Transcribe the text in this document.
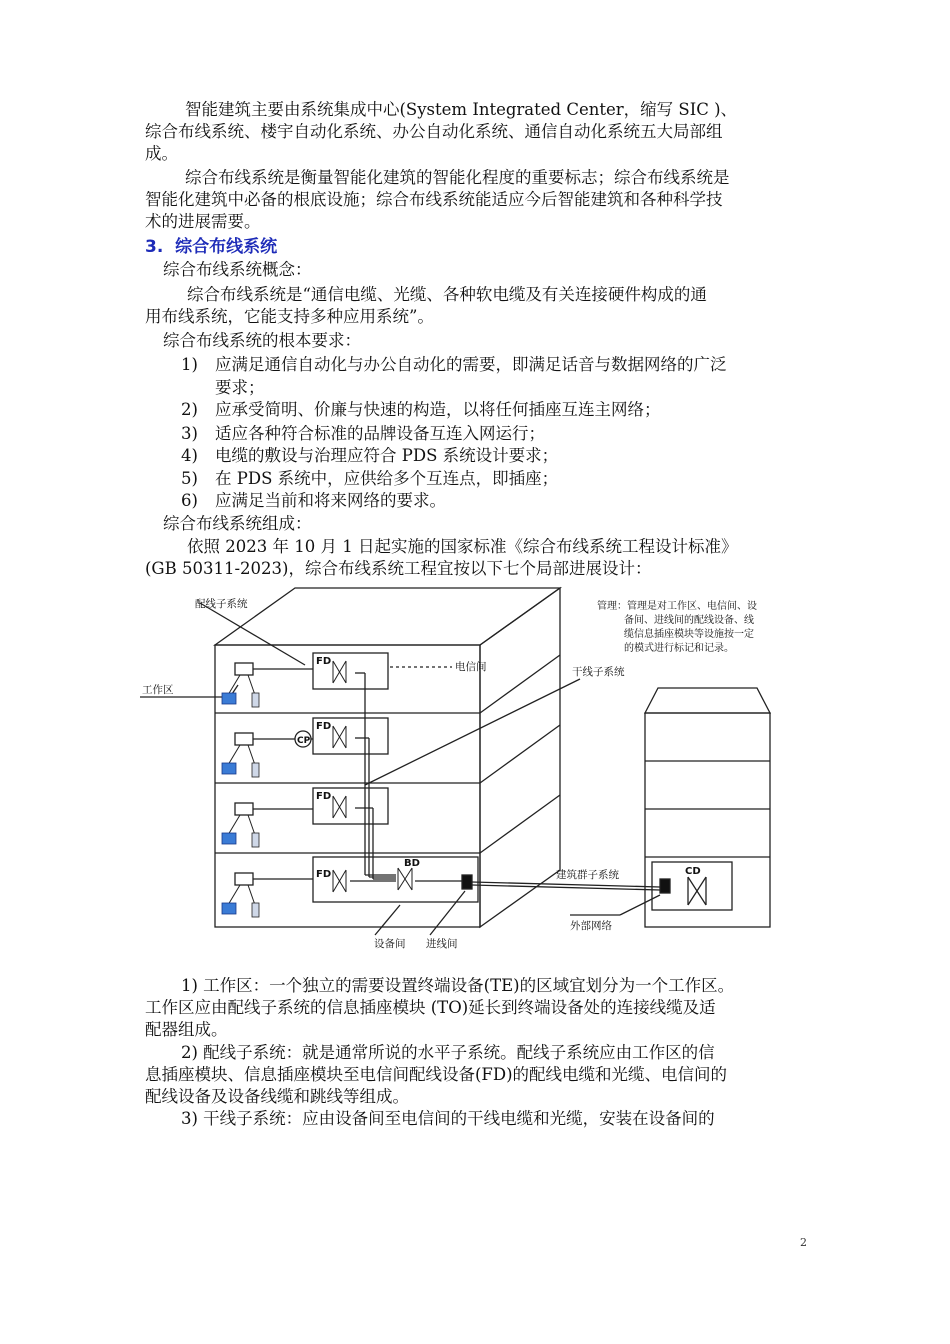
智能建筑主要由系统集成中心(System Integrated Center，缩写 SIC )、
综合布线系统、楼宇自动化系统、办公自动化系统、通信自动化系统五大局部组
成。
综合布线系统是衡量智能化建筑的智能化程度的重要标志；综合布线系统是
智能化建筑中必备的根底设施；综合布线系统能适应今后智能建筑和各种科学技
术的进展需要。
3. 综合布线系统
综合布线系统概念：
综合布线系统是“通信电缆、光缆、各种软电缆及有关连接硬件构成的通
用布线系统，它能支持多种应用系统”。
综合布线系统的根本要求：
1) 应满足通信自动化与办公自动化的需要，即满足话音与数据网络的广泛
要求；
2) 应承受简明、价廉与快速的构造，以将任何插座互连主网络；
3) 适应各种符合标准的品牌设备互连入网运行；
4) 电缆的敷设与治理应符合 PDS 系统设计要求；
5) 在 PDS 系统中，应供给多个互连点，即插座；
6) 应满足当前和将来网络的要求。
综合布线系统组成：
依照 2023 年 10 月 1 日起实施的国家标准《综合布线系统工程设计标准》
(GB 50311-2023)，综合布线系统工程宜按以下七个局部进展设计：
配线子系统
工作区
电信间	干线子系统
建筑群子系统
外部网络
设备间 进线间
FD
FD
FD
FD
BD
CD
CP
管理：管理是对工作区、电信间、设
备间、进线间的配线设备、线
缆信息插座模块等设施按一定
的模式进行标记和记录。
1) 工作区：一个独立的需要设置终端设备(TE)的区域宜划分为一个工作区。
工作区应由配线子系统的信息插座模块 (TO)延长到终端设备处的连接线缆及适
配器组成。
2) 配线子系统：就是通常所说的水平子系统。配线子系统应由工作区的信
息插座模块、信息插座模块至电信间配线设备(FD)的配线电缆和光缆、电信间的
配线设备及设备线缆和跳线等组成。
3) 干线子系统：应由设备间至电信间的干线电缆和光缆，安装在设备间的
2
